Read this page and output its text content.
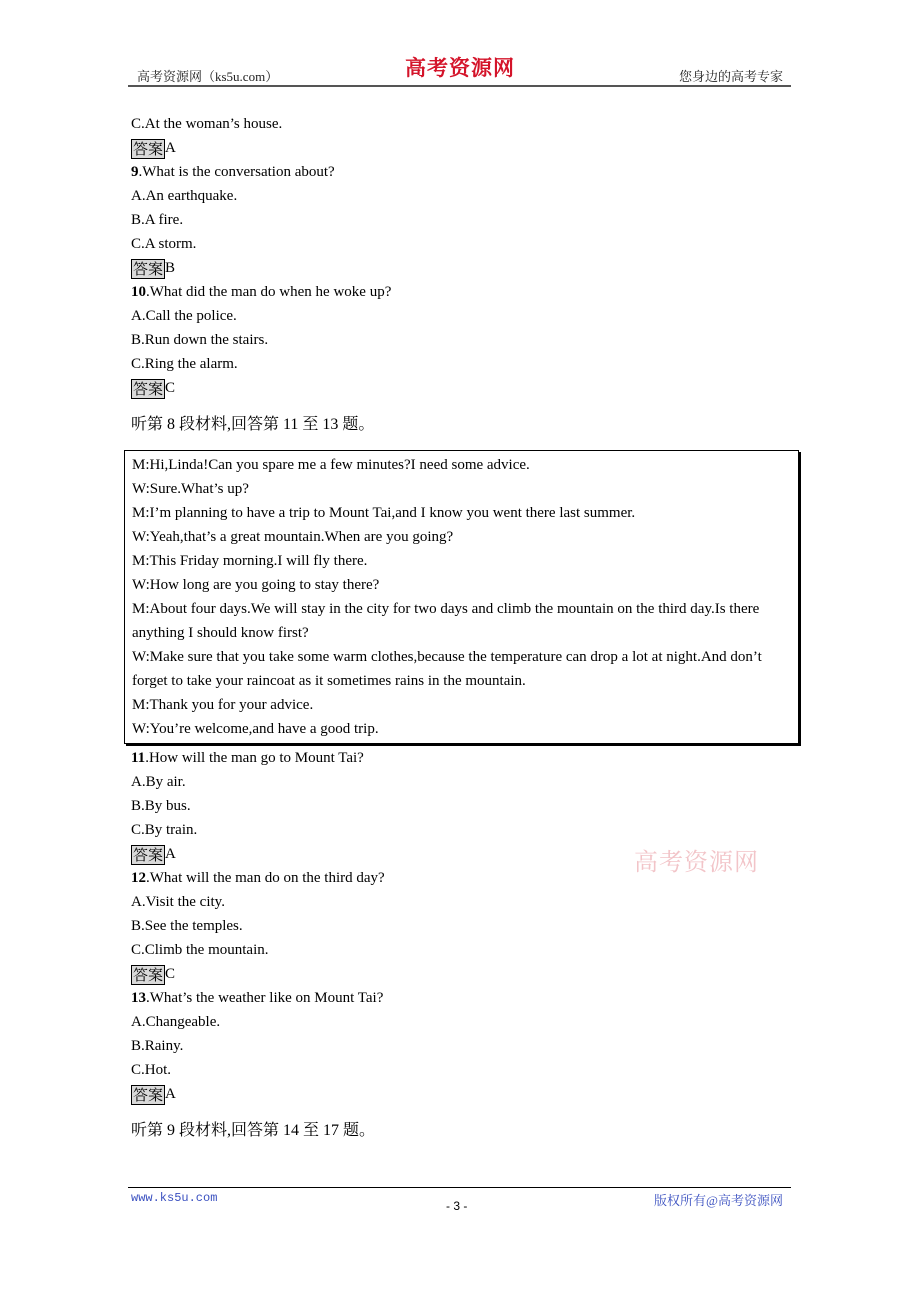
高考资源网（ks5u.com）	高考资源网	您身边的高考专家
C.At the woman’s house.
答案 A
9.What is the conversation about?
A.An earthquake.
B.A fire.
C.A storm.
答案 B
10.What did the man do when he woke up?
A.Call the police.
B.Run down the stairs.
C.Ring the alarm.
答案 C
听第 8 段材料,回答第 11 至 13 题。
M:Hi,Linda!Can you spare me a few minutes?I need some advice.
W:Sure.What’s up?
M:I’m planning to have a trip to Mount Tai,and I know you went there last summer.
W:Yeah,that’s a great mountain.When are you going?
M:This Friday morning.I will fly there.
W:How long are you going to stay there?
M:About four days.We will stay in the city for two days and climb the mountain on the third day.Is there anything I should know first?
W:Make sure that you take some warm clothes,because the temperature can drop a lot at night.And don’t forget to take your raincoat as it sometimes rains in the mountain.
M:Thank you for your advice.
W:You’re welcome,and have a good trip.
11.How will the man go to Mount Tai?
A.By air.
B.By bus.
C.By train.
答案 A
12.What will the man do on the third day?
A.Visit the city.
B.See the temples.
C.Climb the mountain.
答案 C
13.What’s the weather like on Mount Tai?
A.Changeable.
B.Rainy.
C.Hot.
答案 A
听第 9 段材料,回答第 14 至 17 题。
高考资源网
www.ks5u.com
- 3 -	版权所有@高考资源网
